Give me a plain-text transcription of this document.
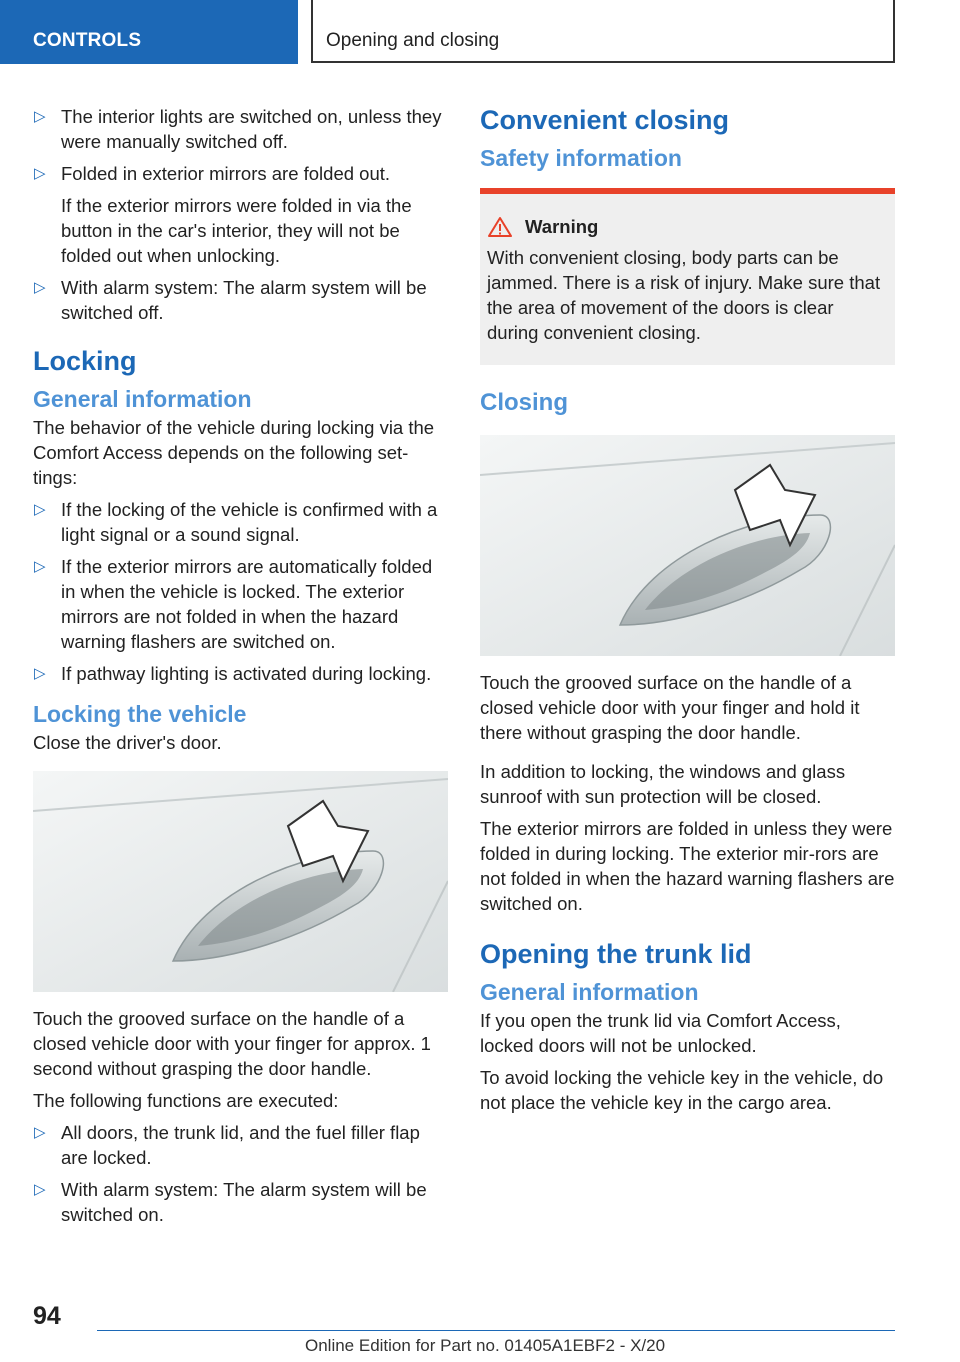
CONTROLS	Opening and closing
▷ The interior lights are switched on, unless they were manually switched off.
▷ Folded in exterior mirrors are folded out.

If the exterior mirrors were folded in via the button in the car's interior, they will not be folded out when unlocking.

▷ With alarm system: The alarm system will be switched off.
Locking
General information

The behavior of the vehicle during locking via the Comfort Access depends on the following set-tings:

▷ If the locking of the vehicle is confirmed with a light signal or a sound signal.
▷ If the exterior mirrors are automatically folded in when the vehicle is locked. The exterior mirrors are not folded in when the hazard warning flashers are switched on.
▷ If pathway lighting is activated during locking.
Locking the vehicle

Close the driver's door.

Touch the grooved surface on the handle of a closed vehicle door with your finger for approx. 1 second without grasping the door handle.

The following functions are executed:

▷ All doors, the trunk lid, and the fuel filler flap are locked.
▷ With alarm system: The alarm system will be switched on.
Convenient closing
Safety information
Warning
With convenient closing, body parts can be jammed. There is a risk of injury. Make sure that the area of movement of the doors is clear during convenient closing.
Closing

Touch the grooved surface on the handle of a closed vehicle door with your finger and hold it there without grasping the door handle.

In addition to locking, the windows and glass sunroof with sun protection will be closed.

The exterior mirrors are folded in unless they were folded in during locking. The exterior mir-rors are not folded in when the hazard warning flashers are switched on.

Opening the trunk lid
General information

If you open the trunk lid via Comfort Access, locked doors will not be unlocked.

To avoid locking the vehicle key in the vehicle, do not place the vehicle key in the cargo area.

94
Online Edition for Part no. 01405A1EBF2 - X/20
